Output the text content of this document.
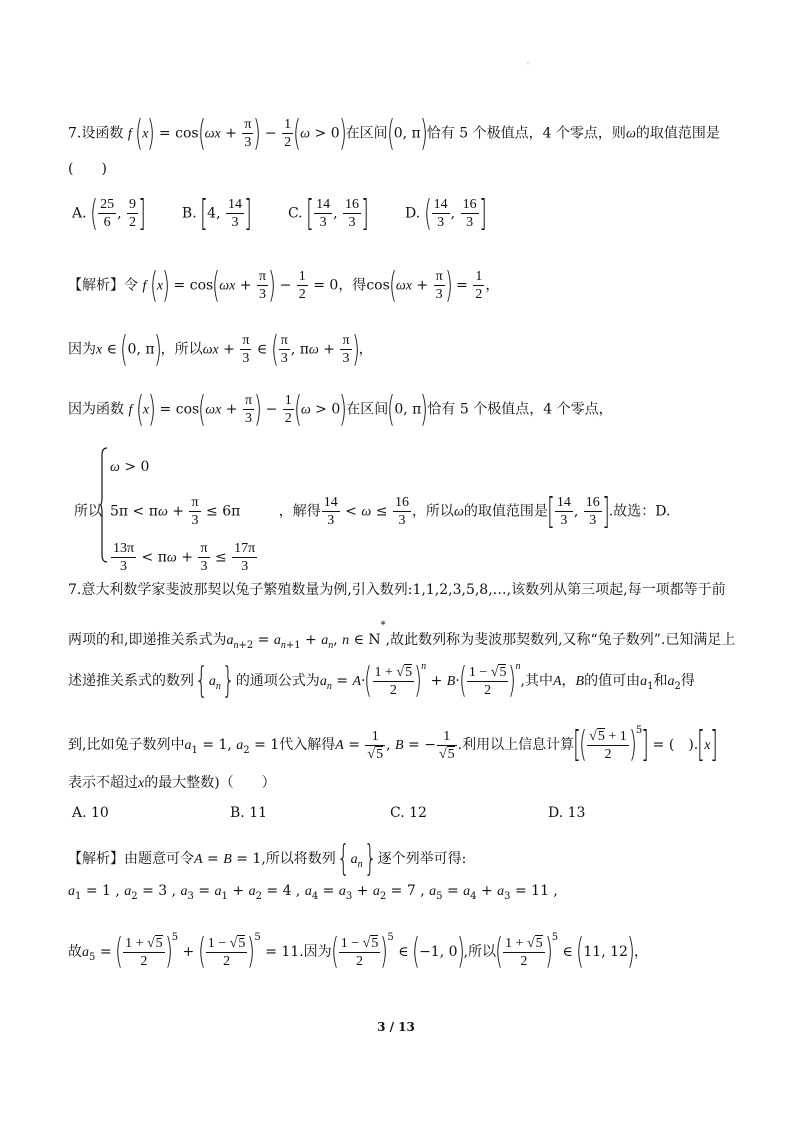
'
7.设函数 f $(x) = \cos(\omega x + \frac{\pi}{3}$ ) − $\frac{1}{2} (\omega > 0)$在区间(0, π)恰有 5 个极值点，4 个零点，则ω的取值范围是
(　　)
A. ( $\frac{25}{6}$ , $\frac{9}{2}$ ]	B. [4, $\frac{14}{3}$ ]	C. [ $\frac{14}{3}$ , $\frac{16}{3}$ ]	D. ( $\frac{14}{3}$ , $\frac{16}{3}$ ]
【解析】令 f $(x) = \cos(\omega x + \frac{\pi}{3}$ ) − $\frac{1}{2} = 0$，得$\cos(\omega x + \frac{\pi}{3}$ ) = $\frac{1}{2}$ ，
因为x ∈ (0, π)，所以$\omega x + \frac{\pi}{3}$ ∈ ( $\frac{\pi}{3}$ , $\pi\omega + \frac{\pi}{3}$ )，
因为函数 f $(x) = \cos(\omega x + \frac{\pi}{3}$ ) − $\frac{1}{2} (\omega > 0)$在区间(0, π)恰有 5 个极值点，4 个零点，
ω > 0
所以 $5\pi < \pi\omega + \frac{\pi}{3} \le 6\pi$ ，解得 $\frac{14}{3} < \omega \le \frac{16}{3}$ ，所以ω的取值范围是[ $\frac{14}{3}$ , $\frac{16}{3}$ ].故选：D.
$\frac{13\pi}{3} < \pi\omega + \frac{\pi}{3} \le \frac{17\pi}{3}$
7.意大利数学家斐波那契以兔子繁殖数量为例,引入数列:1,1,2,3,5,8,…,该数列从第三项起,每一项都等于前
两项的和,即递推关系式为$a_{n+2} = a_{n+1} + a_n$, n ∈ N*,故此数列称为斐波那契数列,又称“兔子数列”.已知满足上
述递推关系式的数列$\{a_n\}$的通项公式为$a_n = A\cdot( \frac{1 + √5}{2} )^n + B\cdot( \frac{1 - √5}{2} )^n$,其中A，B的值可由$a_1$和$a_2$得
到,比如兔子数列中$a_1 = 1$, $a_2 = 1$代入解得$A = \frac{1}{√5}$ , B = − $\frac{1}{√5}$ .利用以上信息计算[( $\frac{√5 + 1}{2} )^5$] = (　).[x]
表示不超过x的最大整数)（　　）
A. 10	B. 11	C. 12	D. 13
【解析】由题意可令A = B = 1,所以将数列$\{a_n\}$逐个列举可得:
$a_1 = 1$ , $a_2 = 3$ , $a_3 = a_1 + a_2 = 4$ , $a_4 = a_3 + a_2 = 7$ , $a_5 = a_4 + a_3 = 11$ ,
故$a_5$ = ( $\frac{1 + √5}{2} )^5$ + ( $\frac{1 - √5}{2} )^5 = 11$.因为( $\frac{1 - √5}{2} )^5$ ∈ (−1, 0),所以( $\frac{1 + √5}{2} )^5$ ∈ (11, 12)，
3 / 13
